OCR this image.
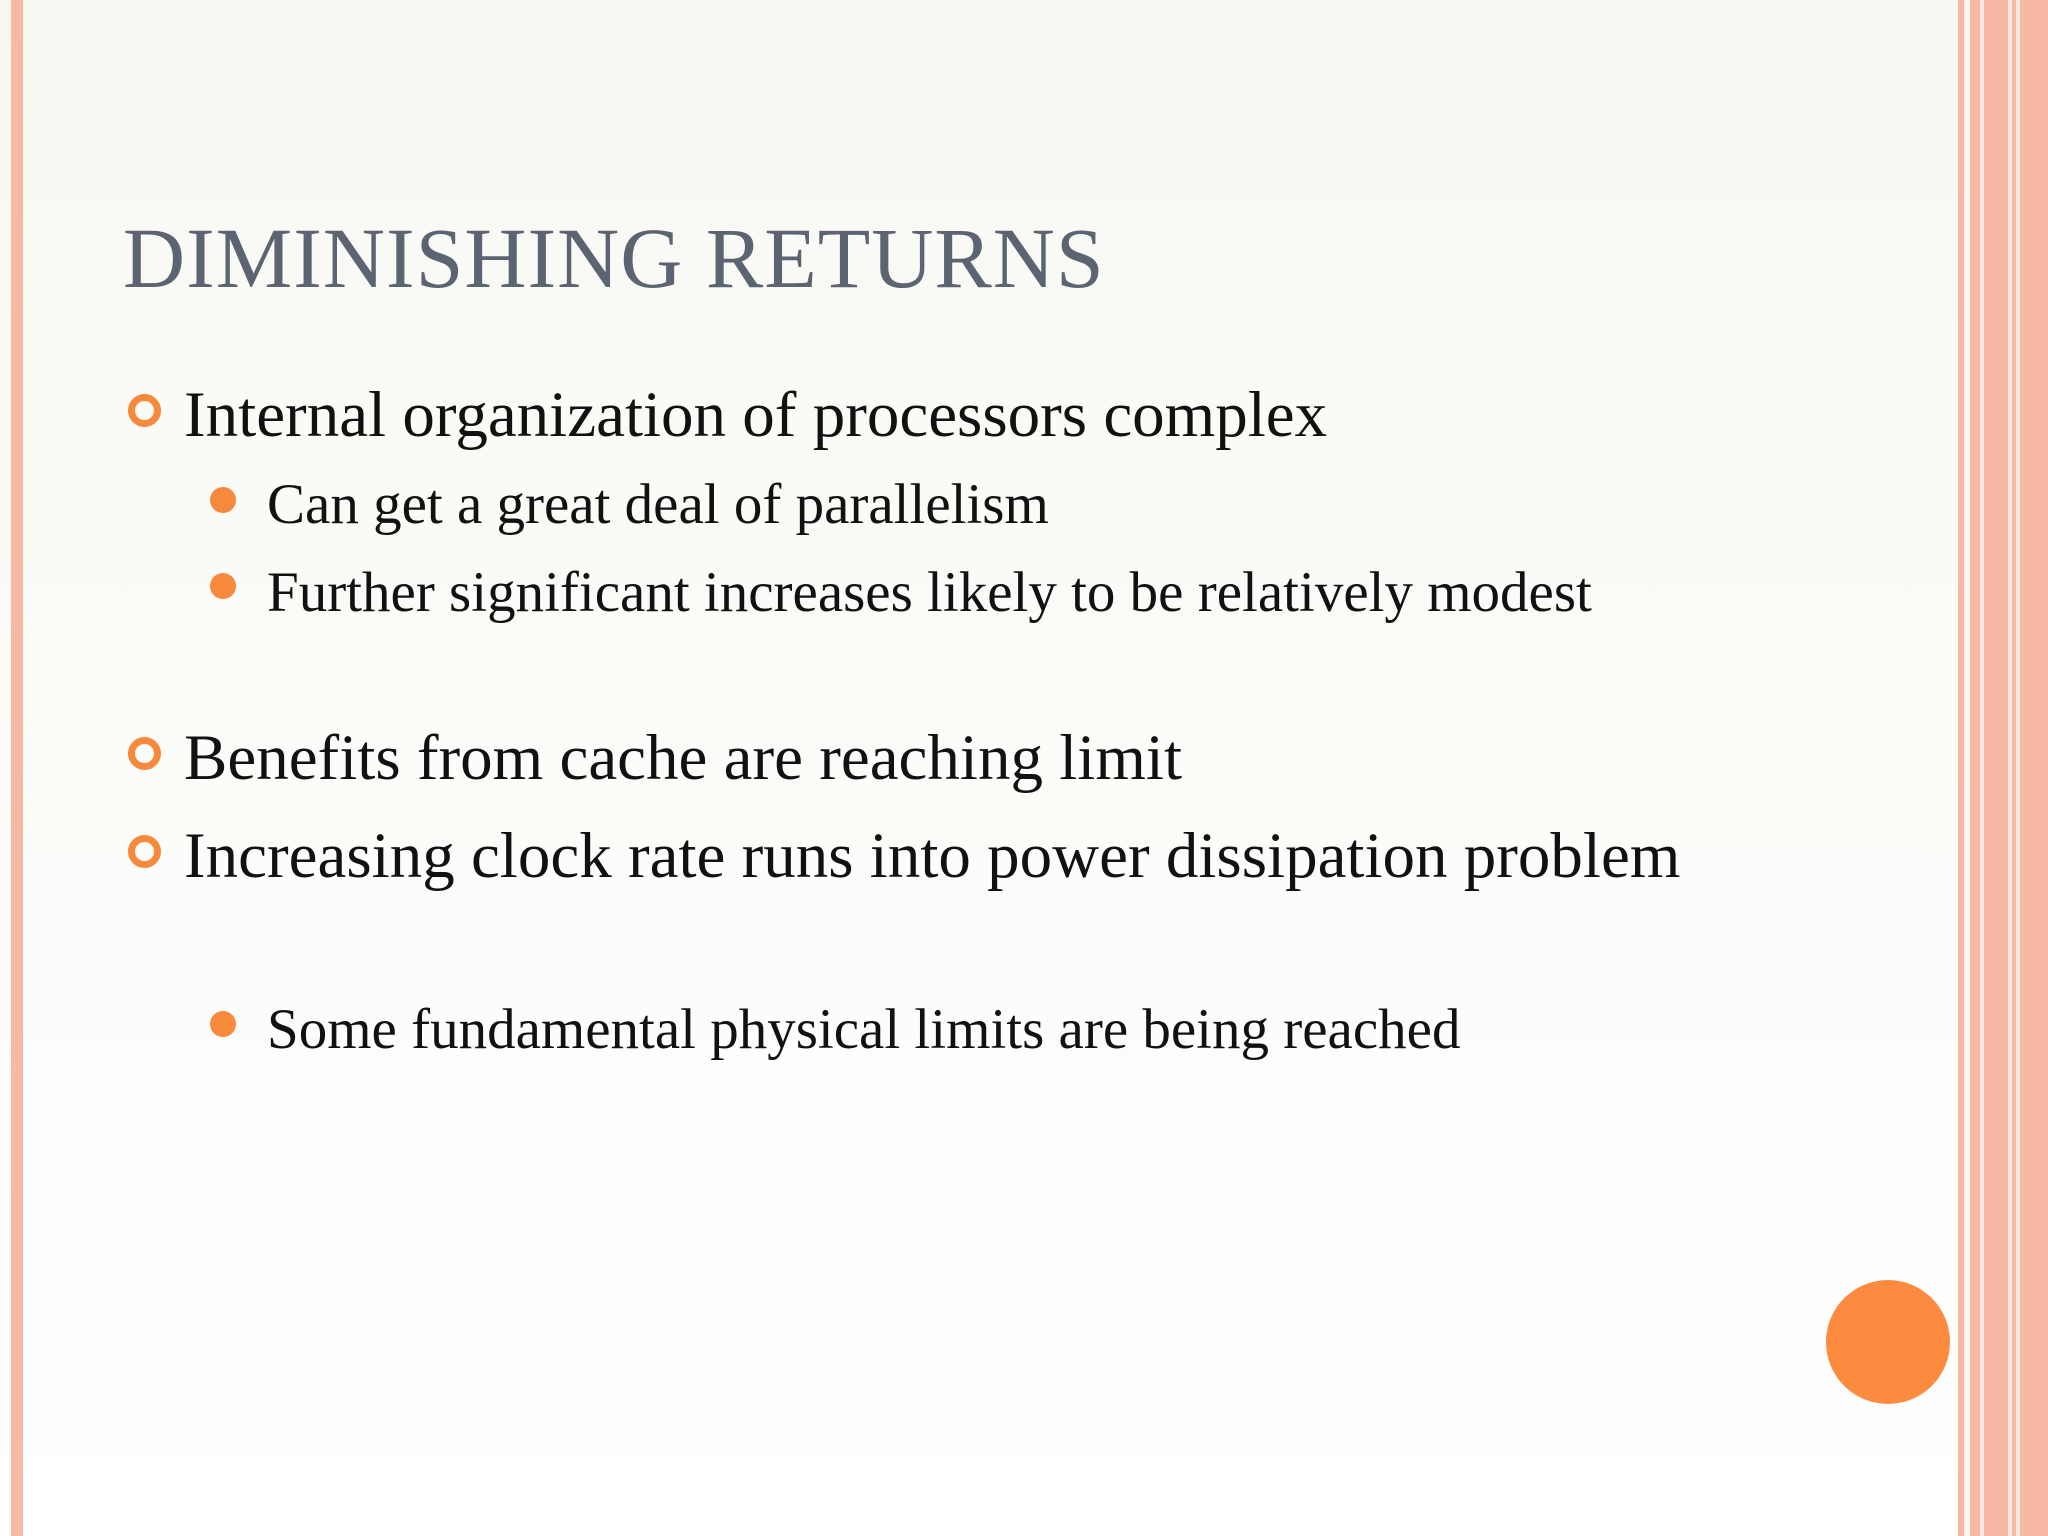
DIMINISHING RETURNS
Internal organization of processors complex
Can get a great deal of parallelism
Further significant increases likely to be relatively modest
Benefits from cache are reaching limit
Increasing clock rate runs into power dissipation problem
Some fundamental physical limits are being reached
